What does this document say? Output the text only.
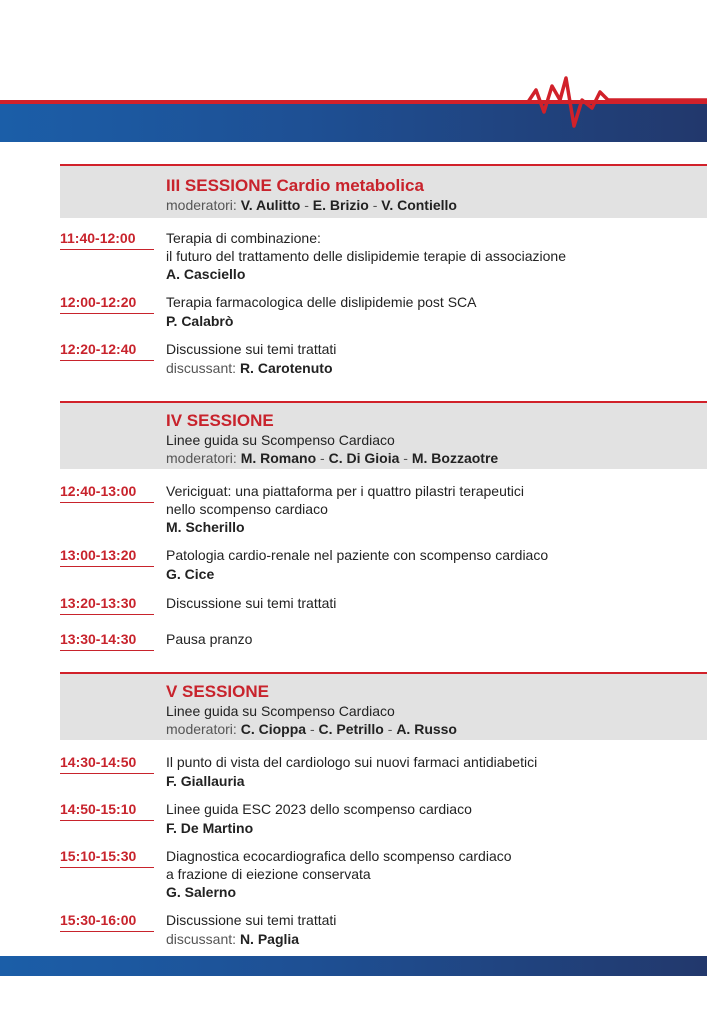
III SESSIONE Cardio metabolica
moderatori: V. Aulitto - E. Brizio - V. Contiello
11:40-12:00 Terapia di combinazione:
il futuro del trattamento delle dislipidemie terapie di associazione
A. Casciello
12:00-12:20 Terapia farmacologica delle dislipidemie post SCA
P. Calabrò
12:20-12:40 Discussione sui temi trattati
discussant: R. Carotenuto
IV SESSIONE
Linee guida su Scompenso Cardiaco
moderatori: M. Romano - C. Di Gioia - M. Bozzaotre
12:40-13:00 Vericiguat: una piattaforma per i quattro pilastri terapeutici
nello scompenso cardiaco
M. Scherillo
13:00-13:20 Patologia cardio-renale nel paziente con scompenso cardiaco
G. Cice
13:20-13:30 Discussione sui temi trattati
13:30-14:30 Pausa pranzo
V SESSIONE
Linee guida su Scompenso Cardiaco
moderatori: C. Cioppa - C. Petrillo - A. Russo
14:30-14:50 Il punto di vista del cardiologo sui nuovi farmaci antidiabetici
F. Giallauria
14:50-15:10 Linee guida ESC 2023 dello scompenso cardiaco
F. De Martino
15:10-15:30 Diagnostica ecocardiografica dello scompenso cardiaco
a frazione di eiezione conservata
G. Salerno
15:30-16:00 Discussione sui temi trattati
discussant: N. Paglia
